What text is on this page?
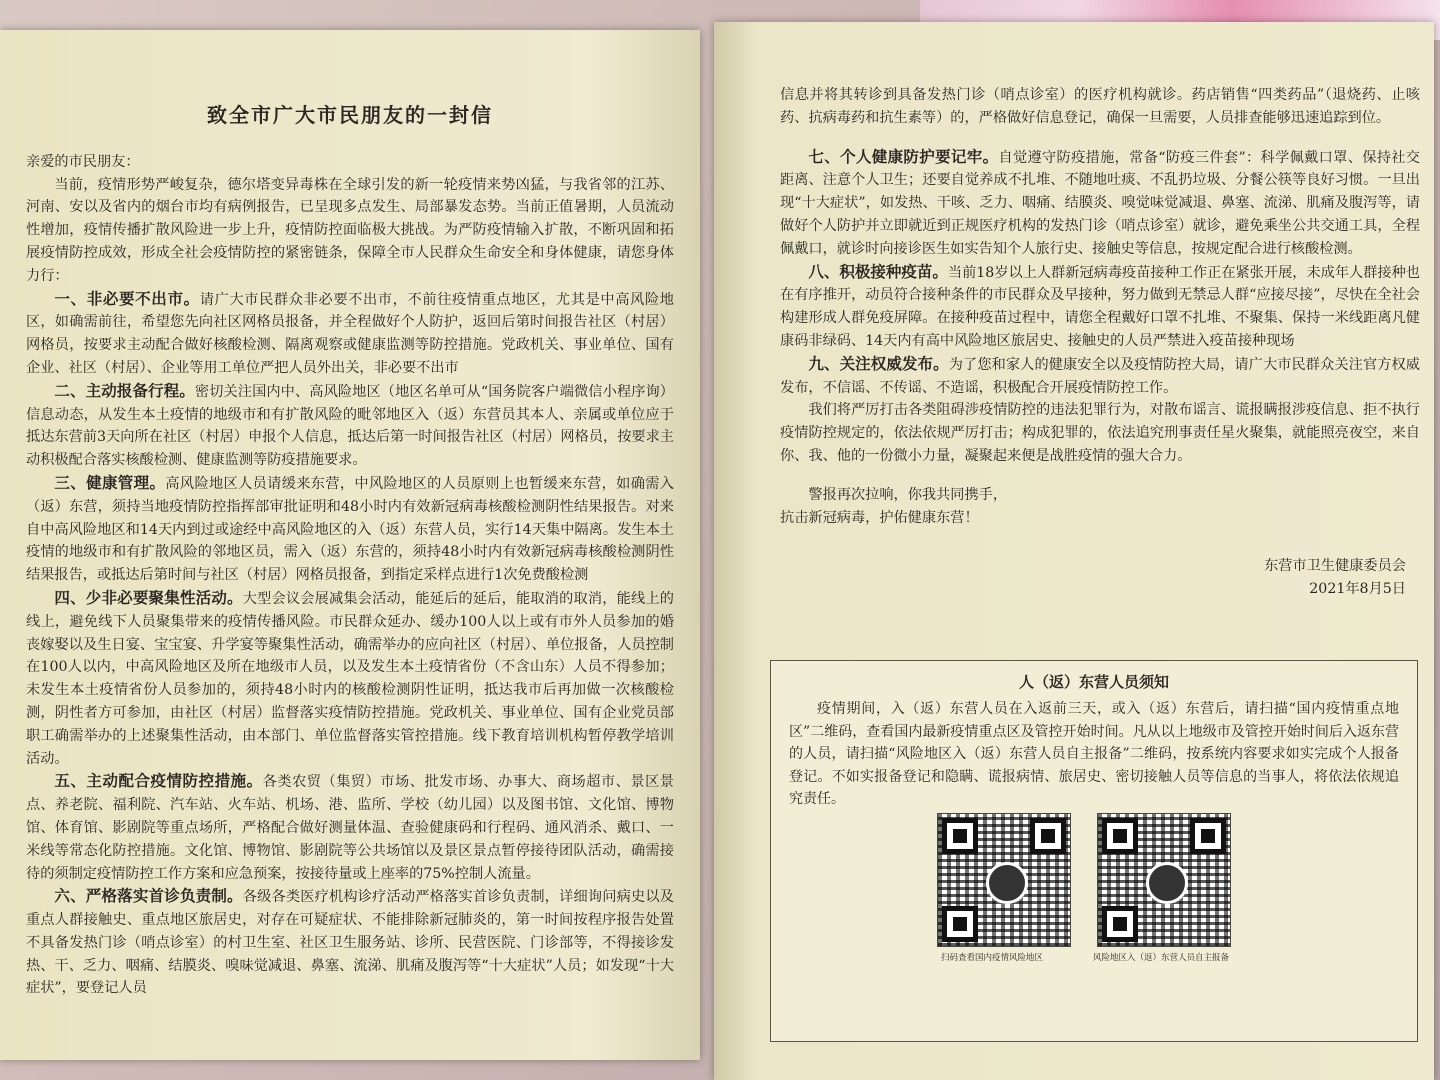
致全市广大市民朋友的一封信

亲爱的市民朋友：

当前，疫情形势严峻复杂，德尔塔变异毒株在全球引发的新一轮疫情来势凶猛，与我省邻的江苏、河南、安以及省内的烟台市均有病例报告，已呈现多点发生、局部暴发态势。当前正值暑期，人员流动性增加，疫情传播扩散风险进一步上升，疫情防控面临极大挑战。为严防疫情输入扩散，不断巩固和拓展疫情防控成效，形成全社会疫情防控的紧密链条，保障全市人民群众生命安全和身体健康，请您身体力行：

一、非必要不出市。请广大市民群众非必要不出市，不前往疫情重点地区，尤其是中高风险地区，如确需前往，希望您先向社区网格员报备，并全程做好个人防护，返回后第时间报告社区（村居）网格员，按要求主动配合做好核酸检测、隔离观察或健康监测等防控措施。党政机关、事业单位、国有企业、社区（村居）、企业等用工单位严把人员外出关，非必要不出市

二、主动报备行程。密切关注国内中、高风险地区（地区名单可从“国务院客户端微信小程序询）信息动态，从发生本土疫情的地级市和有扩散风险的毗邻地区入（返）东营员其本人、亲属或单位应于抵达东营前3天向所在社区（村居）申报个人信息，抵达后第一时间报告社区（村居）网格员，按要求主动积极配合落实核酸检测、健康监测等防疫措施要求。

三、健康管理。高风险地区人员请缓来东营，中风险地区的人员原则上也暂缓来东营，如确需入（返）东营，须持当地疫情防控指挥部审批证明和48小时内有效新冠病毒核酸检测阴性结果报告。对来自中高风险地区和14天内到过或途经中高风险地区的入（返）东营人员，实行14天集中隔离。发生本土疫情的地级市和有扩散风险的邻地区员，需入（返）东营的，须持48小时内有效新冠病毒核酸检测阴性结果报告，或抵达后第时间与社区（村居）网格员报备，到指定采样点进行1次免费酸检测

四、少非必要聚集性活动。大型会议会展减集会活动，能延后的延后，能取消的取消，能线上的线上，避免线下人员聚集带来的疫情传播风险。市民群众延办、缓办100人以上或有市外人员参加的婚丧嫁娶以及生日宴、宝宝宴、升学宴等聚集性活动，确需举办的应向社区（村居）、单位报备，人员控制在100人以内，中高风险地区及所在地级市人员，以及发生本土疫情省份（不含山东）人员不得参加；未发生本土疫情省份人员参加的，须持48小时内的核酸检测阴性证明，抵达我市后再加做一次核酸检测，阴性者方可参加，由社区（村居）监督落实疫情防控措施。党政机关、事业单位、国有企业党员部职工确需举办的上述聚集性活动，由本部门、单位监督落实管控措施。线下教育培训机构暂停教学培训活动。

五、主动配合疫情防控措施。各类农贸（集贸）市场、批发市场、办事大、商场超市、景区景点、养老院、福利院、汽车站、火车站、机场、港、监所、学校（幼儿园）以及图书馆、文化馆、博物馆、体育馆、影剧院等重点场所，严格配合做好测量体温、查验健康码和行程码、通风消杀、戴口、一米线等常态化防控措施。文化馆、博物馆、影剧院等公共场馆以及景区景点暂停接待团队活动，确需接待的须制定疫情防控工作方案和应急预案，按接待量或上座率的75%控制人流量。

六、严格落实首诊负责制。各级各类医疗机构诊疗活动严格落实首诊负责制，详细询问病史以及重点人群接触史、重点地区旅居史，对存在可疑症状、不能排除新冠肺炎的，第一时间按程序报告处置不具备发热门诊（哨点诊室）的村卫生室、社区卫生服务站、诊所、民营医院、门诊部等，不得接诊发热、干、乏力、咽痛、结膜炎、嗅味觉减退、鼻塞、流涕、肌痛及腹泻等“十大症状”人员；如发现“十大症状”，要登记人员

信息并将其转诊到具备发热门诊（哨点诊室）的医疗机构就诊。药店销售“四类药品”（退烧药、止咳药、抗病毒药和抗生素等）的，严格做好信息登记，确保一旦需要，人员排查能够迅速追踪到位。

七、个人健康防护要记牢。自觉遵守防疫措施，常备“防疫三件套”：科学佩戴口罩、保持社交距离、注意个人卫生；还要自觉养成不扎堆、不随地吐痰、不乱扔垃圾、分餐公筷等良好习惯。一旦出现“十大症状”，如发热、干咳、乏力、咽痛、结膜炎、嗅觉味觉减退、鼻塞、流涕、肌痛及腹泻等，请做好个人防护并立即就近到正规医疗机构的发热门诊（哨点诊室）就诊，避免乘坐公共交通工具，全程佩戴口，就诊时向接诊医生如实告知个人旅行史、接触史等信息，按规定配合进行核酸检测。

八、积极接种疫苗。当前18岁以上人群新冠病毒疫苗接种工作正在紧张开展，未成年人群接种也在有序推开，动员符合接种条件的市民群众及早接种，努力做到无禁忌人群“应接尽接”，尽快在全社会构建形成人群免疫屏障。在接种疫苗过程中，请您全程戴好口罩不扎堆、不聚集、保持一米线距离凡健康码非绿码、14天内有高中风险地区旅居史、接触史的人员严禁进入疫苗接种现场

九、关注权威发布。为了您和家人的健康安全以及疫情防控大局，请广大市民群众关注官方权威发布，不信谣、不传谣、不造谣，积极配合开展疫情防控工作。

我们将严厉打击各类阻碍涉疫情防控的违法犯罪行为，对散布谣言、谎报瞒报涉疫信息、拒不执行疫情防控规定的，依法依规严厉打击；构成犯罪的，依法追究刑事责任星火聚集，就能照亮夜空，来自你、我、他的一份微小力量，凝聚起来便是战胜疫情的强大合力。

警报再次拉响，你我共同携手，

抗击新冠病毒，护佑健康东营！

东营市卫生健康委员会

2021年8月5日

人（返）东营人员须知
疫情期间，入（返）东营人员在入返前三天，或入（返）东营后，请扫描“国内疫情重点地区”二维码，查看国内最新疫情重点区及管控开始时间。凡从以上地级市及管控开始时间后入返东营的人员，请扫描“风险地区入（返）东营人员自主报备”二维码，按系统内容要求如实完成个人报备登记。不如实报备登记和隐瞒、谎报病情、旅居史、密切接触人员等信息的当事人，将依法依规追究责任。
扫码查看国内疫情风险地区	风险地区入（返）东营人员自主报备
